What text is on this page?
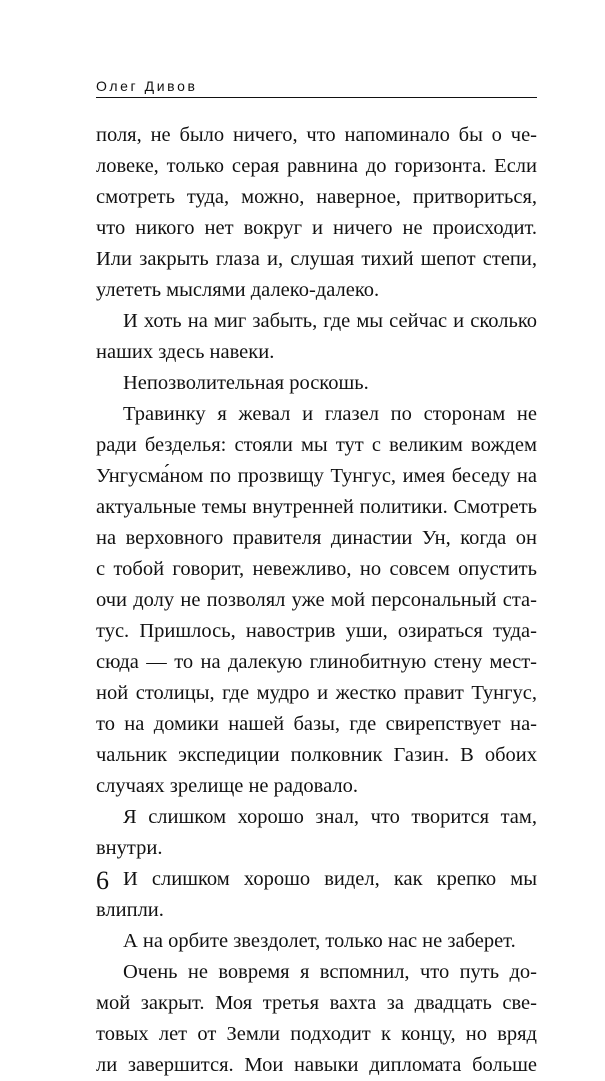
Олег Дивов
поля, не было ничего, что напоминало бы о че-
ловеке, только серая равнина до горизонта. Если
смотреть туда, можно, наверное, притвориться,
что никого нет вокруг и ничего не происходит.
Или закрыть глаза и, слушая тихий шепот степи,
улететь мыслями далеко-далеко.
И хоть на миг забыть, где мы сейчас и сколько
наших здесь навеки.
Непозволительная роскошь.
Травинку я жевал и глазел по сторонам не
ради безделья: стояли мы тут с великим вождем
Унгусма́ном по прозвищу Тунгус, имея беседу на
актуальные темы внутренней политики. Смотреть
на верховного правителя династии Ун, когда он
с тобой говорит, невежливо, но совсем опустить
очи долу не позволял уже мой персональный ста-
тус. Пришлось, навострив уши, озираться туда-
сюда — то на далекую глинобитную стену мест-
ной столицы, где мудро и жестко правит Тунгус,
то на домики нашей базы, где свирепствует на-
чальник экспедиции полковник Газин. В обоих
случаях зрелище не радовало.
Я слишком хорошо знал, что творится там,
внутри.
И слишком хорошо видел, как крепко мы
влипли.
А на орбите звездолет, только нас не заберет.
Очень не вовремя я вспомнил, что путь до-
мой закрыт. Моя третья вахта за двадцать све-
товых лет от Земли подходит к концу, но вряд
ли завершится. Мои навыки дипломата больше
6
